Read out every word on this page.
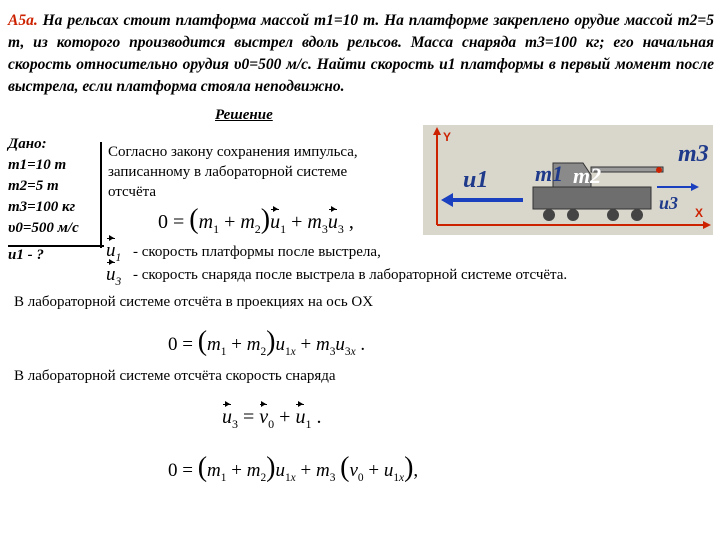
A5a. На рельсах стоит платформа массой m1=10 т. На платформе закреплено орудие массой m2=5 т, из которого производится выстрел вдоль рельсов. Масса снаряда m3=100 кг; его начальная скорость относительно орудия υ0=500 м/с. Найти скорость u1 платформы в первый момент после выстрела, если платформа стояла неподвижно.
Решение
Дано:
m1=10 т
m2=5 т
m3=100 кг
υ0=500 м/с
u1 - ?
Согласно закону сохранения импульса,
записанному в лабораторной системе
отсчёта
$0 = (m_1 + m_2)u_1 + m_3u_3$ ,
$u_1$ - скорость платформы после выстрела,
$u_3$ - скорость снаряда после выстрела в лабораторной системе отсчёта.
В лабораторной системе отсчёта в проекциях на ось OX
$0 = (m_1 + m_2)u_{1x} + m_3u_{3x}$ .
В лабораторной системе отсчёта скорость снаряда
$u_3 = v_0 + u_1$ .
$0 = (m_1 + m_2)u_{1x} + m_3$ $(v_0 + u_{1x})$,
Y
X
m3
m1 m2
u1
u3
